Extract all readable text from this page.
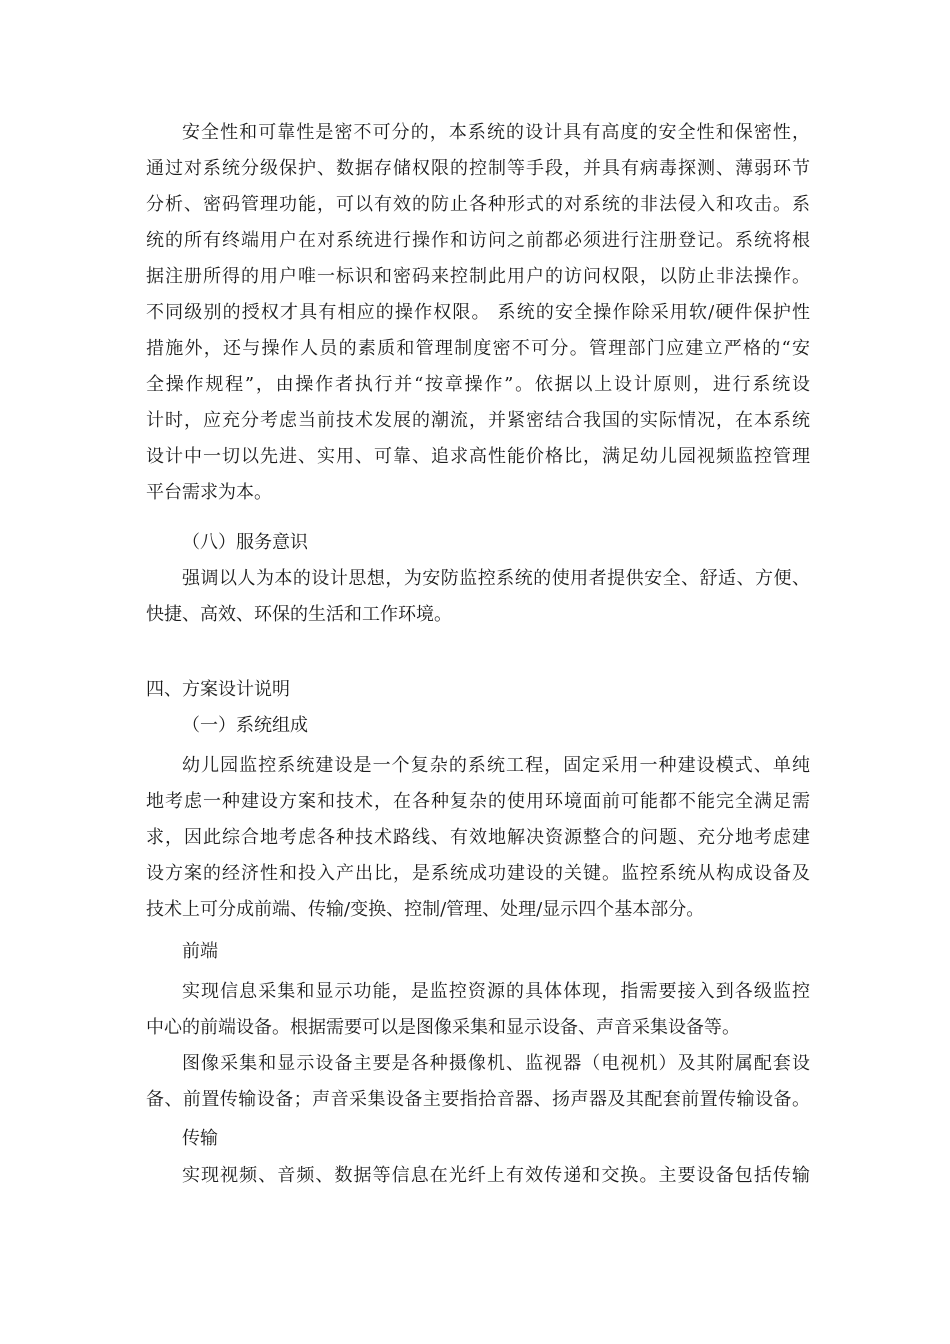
安全性和可靠性是密不可分的，本系统的设计具有高度的安全性和保密性，
通过对系统分级保护、数据存储权限的控制等手段，并具有病毒探测、薄弱环节
分析、密码管理功能，可以有效的防止各种形式的对系统的非法侵入和攻击。系
统的所有终端用户在对系统进行操作和访问之前都必须进行注册登记。系统将根
据注册所得的用户唯一标识和密码来控制此用户的访问权限，以防止非法操作。
不同级别的授权才具有相应的操作权限。 系统的安全操作除采用软/硬件保护性
措施外，还与操作人员的素质和管理制度密不可分。管理部门应建立严格的“安
全操作规程”，由操作者执行并“按章操作”。依据以上设计原则，进行系统设
计时，应充分考虑当前技术发展的潮流，并紧密结合我国的实际情况，在本系统
设计中一切以先进、实用、可靠、追求高性能价格比，满足幼儿园视频监控管理
平台需求为本。
（八）服务意识
强调以人为本的设计思想，为安防监控系统的使用者提供安全、舒适、方便、
快捷、高效、环保的生活和工作环境。
四、方案设计说明
（一）系统组成
幼儿园监控系统建设是一个复杂的系统工程，固定采用一种建设模式、单纯
地考虑一种建设方案和技术，在各种复杂的使用环境面前可能都不能完全满足需
求，因此综合地考虑各种技术路线、有效地解决资源整合的问题、充分地考虑建
设方案的经济性和投入产出比，是系统成功建设的关键。监控系统从构成设备及
技术上可分成前端、传输/变换、控制/管理、处理/显示四个基本部分。
前端
实现信息采集和显示功能，是监控资源的具体体现，指需要接入到各级监控
中心的前端设备。根据需要可以是图像采集和显示设备、声音采集设备等。
图像采集和显示设备主要是各种摄像机、监视器（电视机）及其附属配套设
备、前置传输设备；声音采集设备主要指拾音器、扬声器及其配套前置传输设备。
传输
实现视频、音频、数据等信息在光纤上有效传递和交换。主要设备包括传输
